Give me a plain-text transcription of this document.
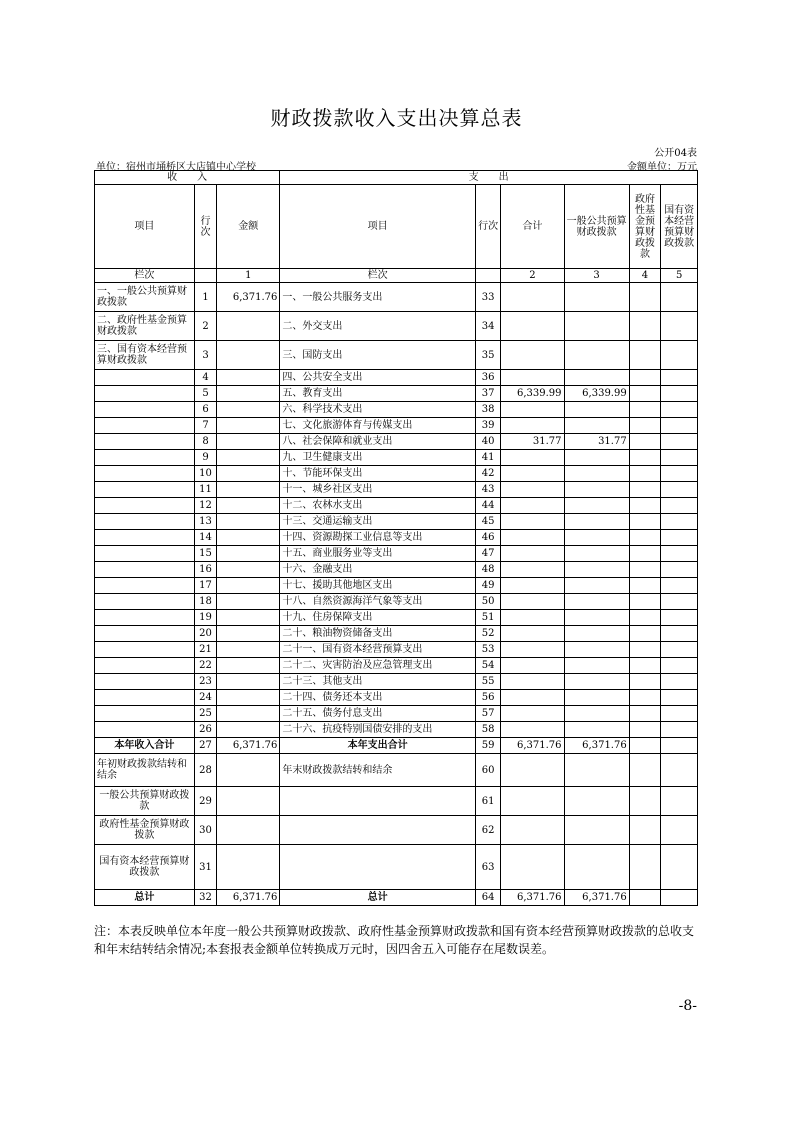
财政拨款收入支出决算总表
公开04表
单位：宿州市埇桥区大店镇中心学校	金额单位：万元
收　　入			支　　出					
项目	行次	金额	项目	行次	合计	一般公共预算财政拨款	政府性基金预算财政拨款	国有资本经营预算财政拨款
栏次		1	栏次		2	3	4	5
一、一般公共预算财政拨款	1	6,371.76	一、一般公共服务支出	33				
二、政府性基金预算财政拨款	2		二、外交支出	34				
三、国有资本经营预算财政拨款	3		三、国防支出	35				
	4		四、公共安全支出	36				
	5		五、教育支出	37	6,339.99	6,339.99		
	6		六、科学技术支出	38				
	7		七、文化旅游体育与传媒支出	39				
	8		八、社会保障和就业支出	40	31.77	31.77		
	9		九、卫生健康支出	41				
	10		十、节能环保支出	42				
	11		十一、城乡社区支出	43				
	12		十二、农林水支出	44				
	13		十三、交通运输支出	45				
	14		十四、资源勘探工业信息等支出	46				
	15		十五、商业服务业等支出	47				
	16		十六、金融支出	48				
	17		十七、援助其他地区支出	49				
	18		十八、自然资源海洋气象等支出	50				
	19		十九、住房保障支出	51				
	20		二十、粮油物资储备支出	52				
	21		二十一、国有资本经营预算支出	53				
	22		二十二、灾害防治及应急管理支出	54				
	23		二十三、其他支出	55				
	24		二十四、债务还本支出	56				
	25		二十五、债务付息支出	57				
	26		二十六、抗疫特别国债安排的支出	58				
本年收入合计	27	6,371.76	本年支出合计	59	6,371.76	6,371.76		
年初财政拨款结转和结余	28		年末财政拨款结转和结余	60				
一般公共预算财政拨款	29			61				
政府性基金预算财政拨款	30			62				
国有资本经营预算财政拨款	31			63				
总计	32	6,371.76	总计	64	6,371.76	6,371.76		
注：本表反映单位本年度一般公共预算财政拨款、政府性基金预算财政拨款和国有资本经营预算财政拨款的总收支和年末结转结余情况;本套报表金额单位转换成万元时，因四舍五入可能存在尾数误差。
-8-
